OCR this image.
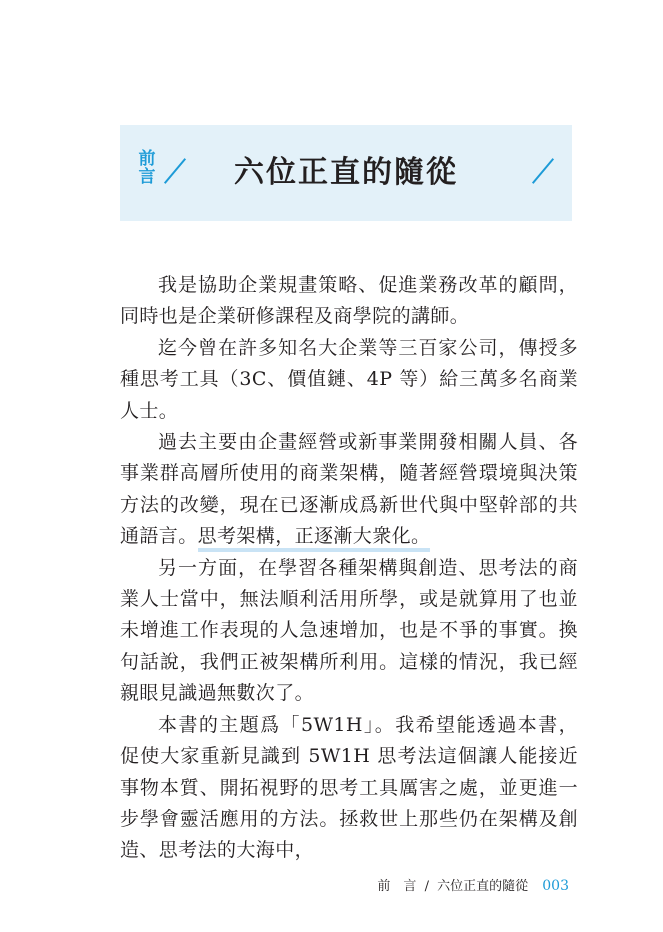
前
言	六位正直的隨從

我是協助企業規畫策略、促進業務改革的顧問，同時也是企業研修課程及商學院的講師。

迄今曾在許多知名大企業等三百家公司，傳授多種思考工具（3C、價值鏈、4P 等）給三萬多名商業人士。

過去主要由企畫經營或新事業開發相關人員、各事業群高層所使用的商業架構，隨著經營環境與決策方法的改變，現在已逐漸成爲新世代與中堅幹部的共通語言。思考架構，正逐漸大衆化。

另一方面，在學習各種架構與創造、思考法的商業人士當中，無法順利活用所學，或是就算用了也並未增進工作表現的人急速增加，也是不爭的事實。換句話說，我們正被架構所利用。這樣的情況，我已經親眼見識過無數次了。

本書的主題爲「5W1H」。我希望能透過本書，促使大家重新見識到 5W1H 思考法這個讓人能接近事物本質、開拓視野的思考工具厲害之處，並更進一步學會靈活應用的方法。拯救世上那些仍在架構及創造、思考法的大海中，

前　言 / 六位正直的隨從 003
